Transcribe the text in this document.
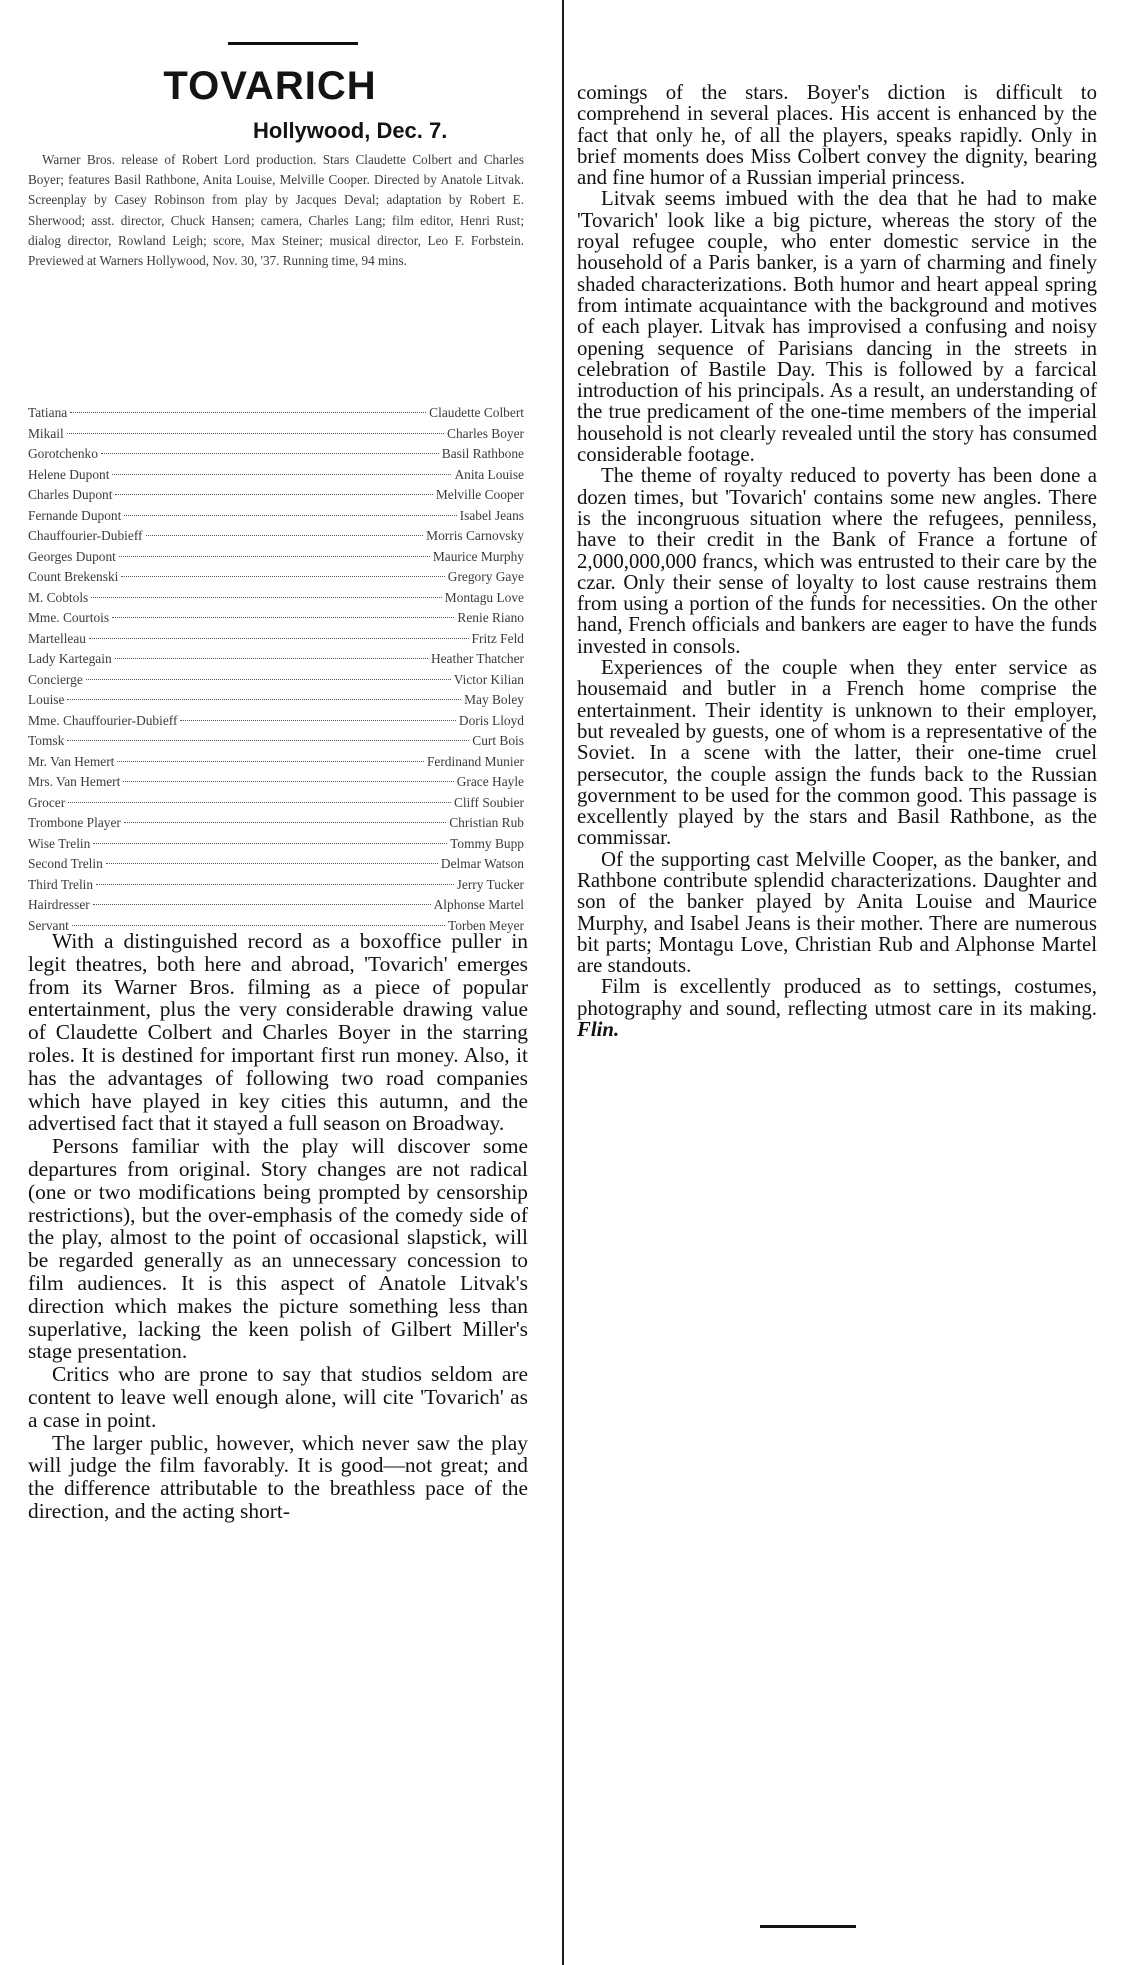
TOVARICH
Hollywood, Dec. 7.
Warner Bros. release of Robert Lord production. Stars Claudette Colbert and Charles Boyer; features Basil Rathbone, Anita Louise, Melville Cooper. Directed by Anatole Litvak. Screenplay by Casey Robinson from play by Jacques Deval; adaptation by Robert E. Sherwood; asst. director, Chuck Hansen; camera, Charles Lang; film editor, Henri Rust; dialog director, Rowland Leigh; score, Max Steiner; musical director, Leo F. Forbstein. Previewed at Warners Hollywood, Nov. 30, '37. Running time, 94 mins.
Tatiana	Claudette Colbert
Mikail	Charles Boyer
Gorotchenko	Basil Rathbone
Helene Dupont	Anita Louise
Charles Dupont	Melville Cooper
Fernande Dupont	Isabel Jeans
Chauffourier-Dubieff	Morris Carnovsky
Georges Dupont	Maurice Murphy
Count Brekenski	Gregory Gaye
M. Cobtols	Montagu Love
Mme. Courtois	Renie Riano
Martelleau	Fritz Feld
Lady Kartegain	Heather Thatcher
Concierge	Victor Kilian
Louise	May Boley
Mme. Chauffourier-Dubieff	Doris Lloyd
Tomsk	Curt Bois
Mr. Van Hemert	Ferdinand Munier
Mrs. Van Hemert	Grace Hayle
Grocer	Cliff Soubier
Trombone Player	Christian Rub
Wise Trelin	Tommy Bupp
Second Trelin	Delmar Watson
Third Trelin	Jerry Tucker
Hairdresser	Alphonse Martel
Servant	Torben Meyer

With a distinguished record as a boxoffice puller in legit theatres, both here and abroad, 'Tovarich' emerges from its Warner Bros. filming as a piece of popular entertainment, plus the very considerable drawing value of Claudette Colbert and Charles Boyer in the starring roles. It is destined for important first run money. Also, it has the advantages of following two road companies which have played in key cities this autumn, and the advertised fact that it stayed a full season on Broadway.

Persons familiar with the play will discover some departures from original. Story changes are not radical (one or two modifications being prompted by censorship restrictions), but the over-emphasis of the comedy side of the play, almost to the point of occasional slapstick, will be regarded generally as an unnecessary concession to film audiences. It is this aspect of Anatole Litvak's direction which makes the picture something less than superlative, lacking the keen polish of Gilbert Miller's stage presentation.

Critics who are prone to say that studios seldom are content to leave well enough alone, will cite 'Tovarich' as a case in point.

The larger public, however, which never saw the play will judge the film favorably. It is good—not great; and the difference attributable to the breathless pace of the direction, and the acting short-

comings of the stars. Boyer's diction is difficult to comprehend in several places. His accent is enhanced by the fact that only he, of all the players, speaks rapidly. Only in brief moments does Miss Colbert convey the dignity, bearing and fine humor of a Russian imperial princess.

Litvak seems imbued with the dea that he had to make 'Tovarich' look like a big picture, whereas the story of the royal refugee couple, who enter domestic service in the household of a Paris banker, is a yarn of charming and finely shaded characterizations. Both humor and heart appeal spring from intimate acquaintance with the background and motives of each player. Litvak has improvised a confusing and noisy opening sequence of Parisians dancing in the streets in celebration of Bastile Day. This is followed by a farcical introduction of his principals. As a result, an understanding of the true predicament of the one-time members of the imperial household is not clearly revealed until the story has consumed considerable footage.

The theme of royalty reduced to poverty has been done a dozen times, but 'Tovarich' contains some new angles. There is the incongruous situation where the refugees, penniless, have to their credit in the Bank of France a fortune of 2,000,000,000 francs, which was entrusted to their care by the czar. Only their sense of loyalty to lost cause restrains them from using a portion of the funds for necessities. On the other hand, French officials and bankers are eager to have the funds invested in consols.

Experiences of the couple when they enter service as housemaid and butler in a French home comprise the entertainment. Their identity is unknown to their employer, but revealed by guests, one of whom is a representative of the Soviet. In a scene with the latter, their one-time cruel persecutor, the couple assign the funds back to the Russian government to be used for the common good. This passage is excellently played by the stars and Basil Rathbone, as the commissar.

Of the supporting cast Melville Cooper, as the banker, and Rathbone contribute splendid characterizations. Daughter and son of the banker played by Anita Louise and Maurice Murphy, and Isabel Jeans is their mother. There are numerous bit parts; Montagu Love, Christian Rub and Alphonse Martel are standouts.

Film is excellently produced as to settings, costumes, photography and sound, reflecting utmost care in its making. Flin.
